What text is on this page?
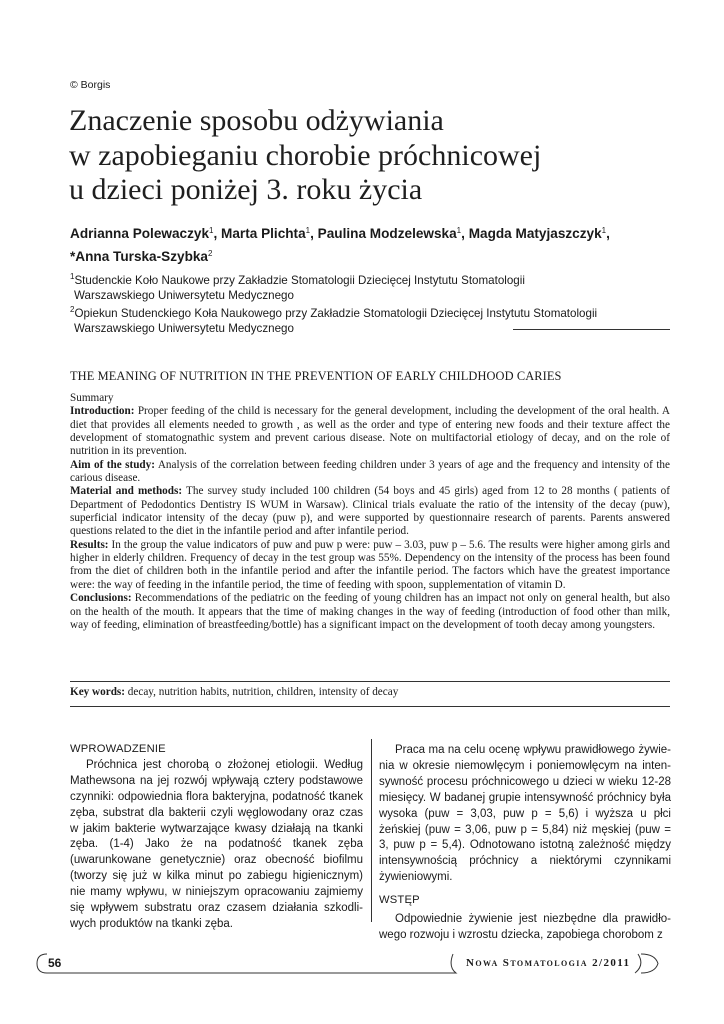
© Borgis
Znaczenie sposobu odżywiania
w zapobieganiu chorobie próchnicowej
u dzieci poniżej 3. roku życia
Adrianna Polewaczyk$^1$, Marta Plichta$^1$, Paulina Modzelewska$^1$, Magda Matyjaszczyk$^1$,
*Anna Turska-Szybka$^2$
$^1$Studenckie Koło Naukowe przy Zakładzie Stomatologii Dziecięcej Instytutu Stomatologii
Warszawskiego Uniwersytetu Medycznego
$^2$Opiekun Studenckiego Koła Naukowego przy Zakładzie Stomatologii Dziecięcej Instytutu Stomatologii
Warszawskiego Uniwersytetu Medycznego
THE MEANING OF NUTRITION IN THE PREVENTION OF EARLY CHILDHOOD CARIES

Summary

Introduction: Proper feeding of the child is necessary for the general development, including the development of the oral health. A diet that provides all elements needed to growth , as well as the order and type of entering new foods and their texture affect the development of stomatognathic system and prevent carious disease. Note on multifactorial etiology of decay, and on the role of nutrition in its prevention.

Aim of the study: Analysis of the correlation between feeding children under 3 years of age and the frequency and intensity of the carious disease.

Material and methods: The survey study included 100 children (54 boys and 45 girls) aged from 12 to 28 months ( patients of Department of Pedodontics Dentistry IS WUM in Warsaw). Clinical trials evaluate the ratio of the intensity of the decay (puw), superficial indicator intensity of the decay (puw p), and were supported by questionnaire research of parents. Parents answered questions related to the diet in the infantile period and after infantile period.

Results: In the group the value indicators of puw and puw p were: puw – 3.03, puw p – 5.6. The results were higher among girls and higher in elderly children. Frequency of decay in the test group was 55%. Dependency on the intensity of the process has been found from the diet of children both in the infantile period and after the infantile period. The factors which have the greatest importance were: the way of feeding in the infantile period, the time of feeding with spoon, supplementation of vitamin D.

Conclusions: Recommendations of the pediatric on the feeding of young children has an impact not only on general health, but also on the health of the mouth. It appears that the time of making changes in the way of feeding (introduction of food other than milk, way of feeding, elimination of breastfeeding/bottle) has a significant impact on the development of tooth decay among youngsters.

Key words: decay, nutrition habits, nutrition, children, intensity of decay

WPROWADZENIE

Próchnica jest chorobą o złożonej etiologii. Według Mathewsona na jej rozwój wpływają cztery podstawowe czynniki: odpowiednia flora bakteryjna, podatność tkanek zęba, substrat dla bakterii czyli węglowodany oraz czas w jakim bakterie wytwarzające kwasy działają na tkanki zęba. (1-4) Jako że na podatność tkanek zęba (uwarunkowane genetycznie) oraz obecność biofilmu (tworzy się już w kilka minut po zabiegu higienicznym) nie mamy wpływu, w niniejszym opracowaniu zajmiemy się wpływem substratu oraz czasem działania szkodliwych produktów na tkanki zęba.

Praca ma na celu ocenę wpływu prawidłowego żywienia w okresie niemowlęcym i poniemowlęcym na intensywność procesu próchnicowego u dzieci w wieku 12-28 miesięcy. W badanej grupie intensywność próchnicy była wysoka (puw = 3,03, puw p = 5,6) i wyższa u płci żeńskiej (puw = 3,06, puw p = 5,84) niż męskiej (puw = 3, puw p = 5,4). Odnotowano istotną zależność między intensywnością próchnicy a niektórymi czynnikami żywieniowymi.

WSTĘP

Odpowiednie żywienie jest niezbędne dla prawidłowego rozwoju i wzrostu dziecka, zapobiega chorobom z

56	Nowa Stomatologia 2/2011
